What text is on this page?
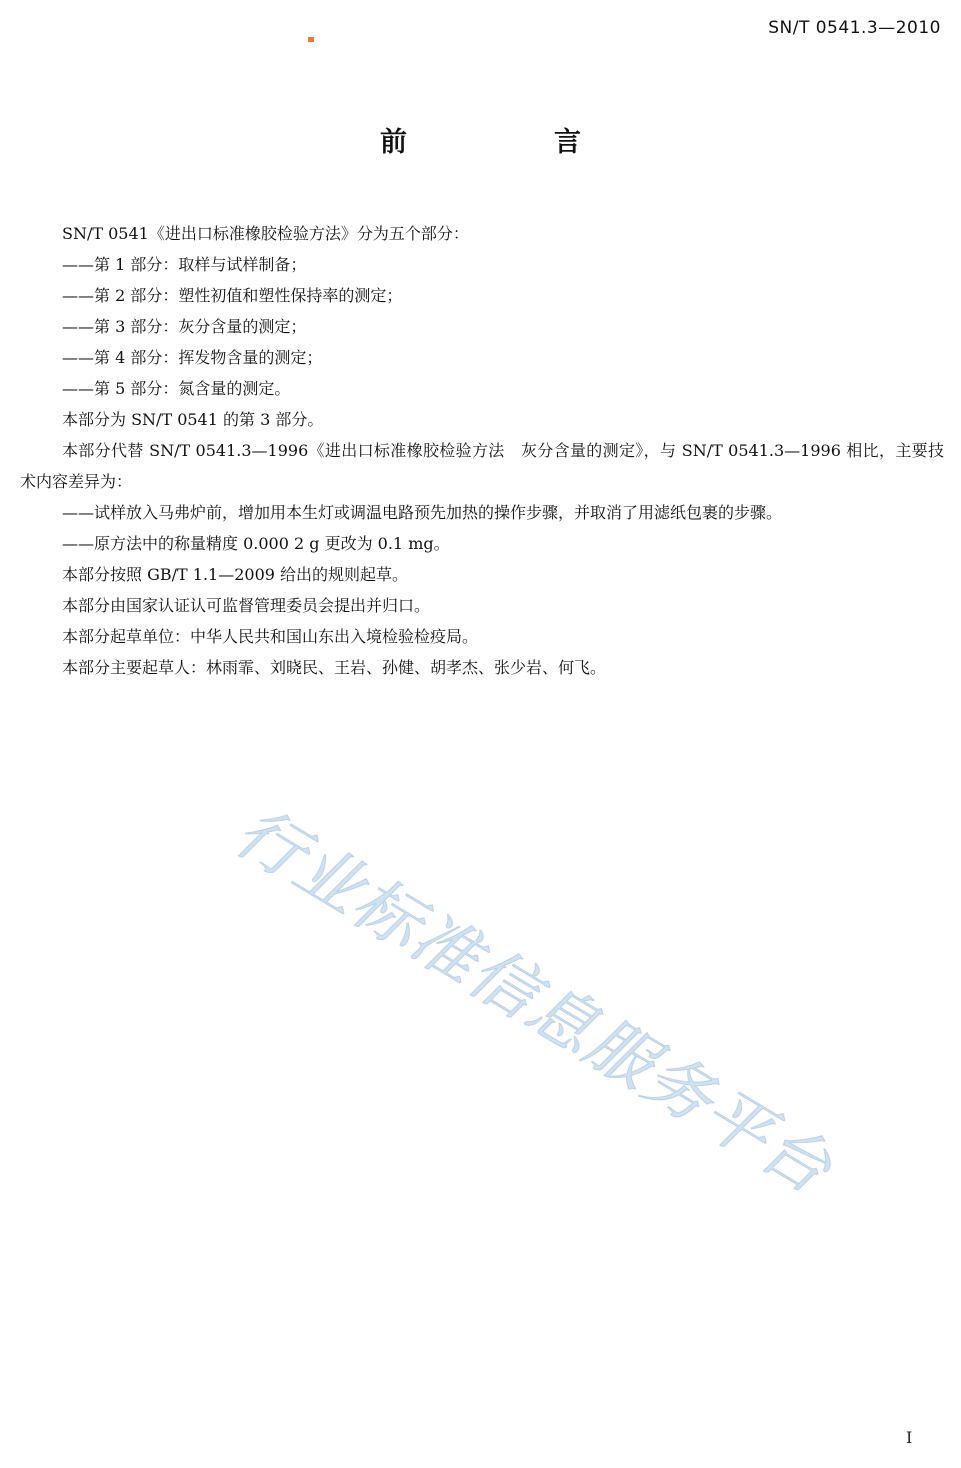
SN/T 0541.3—2010
前　言

SN/T 0541《进出口标准橡胶检验方法》分为五个部分：

——第 1 部分：取样与试样制备；

——第 2 部分：塑性初值和塑性保持率的测定；

——第 3 部分：灰分含量的测定；

——第 4 部分：挥发物含量的测定；

——第 5 部分：氮含量的测定。

本部分为 SN/T 0541 的第 3 部分。

本部分代替 SN/T 0541.3—1996《进出口标准橡胶检验方法　灰分含量的测定》，与 SN/T 0541.3—1996 相比，主要技术内容差异为：

——试样放入马弗炉前，增加用本生灯或调温电路预先加热的操作步骤，并取消了用滤纸包裹的步骤。

——原方法中的称量精度 0.000 2 g 更改为 0.1 mg。

本部分按照 GB/T 1.1—2009 给出的规则起草。

本部分由国家认证认可监督管理委员会提出并归口。

本部分起草单位：中华人民共和国山东出入境检验检疫局。

本部分主要起草人：林雨霏、刘晓民、王岩、孙健、胡孝杰、张少岩、何飞。

行业标准信息服务平台
I
